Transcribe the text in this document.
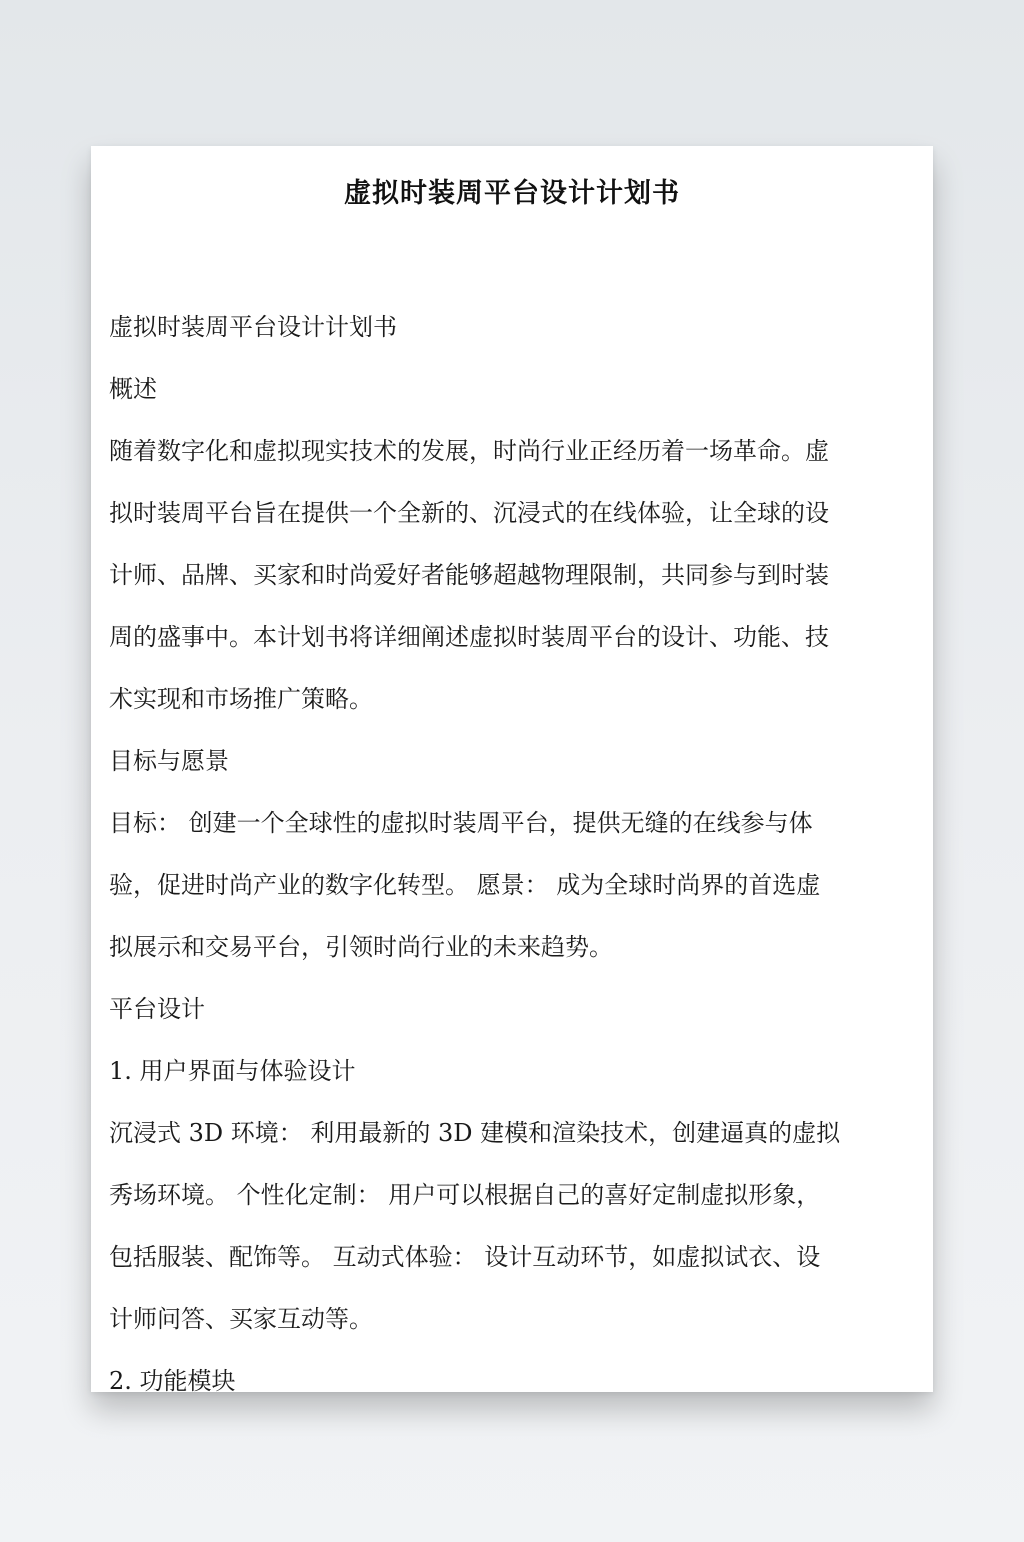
虚拟时装周平台设计计划书
虚拟时装周平台设计计划书
概述
随着数字化和虚拟现实技术的发展，时尚行业正经历着一场革命。虚
拟时装周平台旨在提供一个全新的、沉浸式的在线体验，让全球的设
计师、品牌、买家和时尚爱好者能够超越物理限制，共同参与到时装
周的盛事中。本计划书将详细阐述虚拟时装周平台的设计、功能、技
术实现和市场推广策略。
目标与愿景
目标： 创建一个全球性的虚拟时装周平台，提供无缝的在线参与体
验，促进时尚产业的数字化转型。 愿景： 成为全球时尚界的首选虚
拟展示和交易平台，引领时尚行业的未来趋势。
平台设计
1. 用户界面与体验设计
沉浸式 3D 环境： 利用最新的 3D 建模和渲染技术，创建逼真的虚拟
秀场环境。 个性化定制： 用户可以根据自己的喜好定制虚拟形象，
包括服装、配饰等。 互动式体验： 设计互动环节，如虚拟试衣、设
计师问答、买家互动等。
2. 功能模块
